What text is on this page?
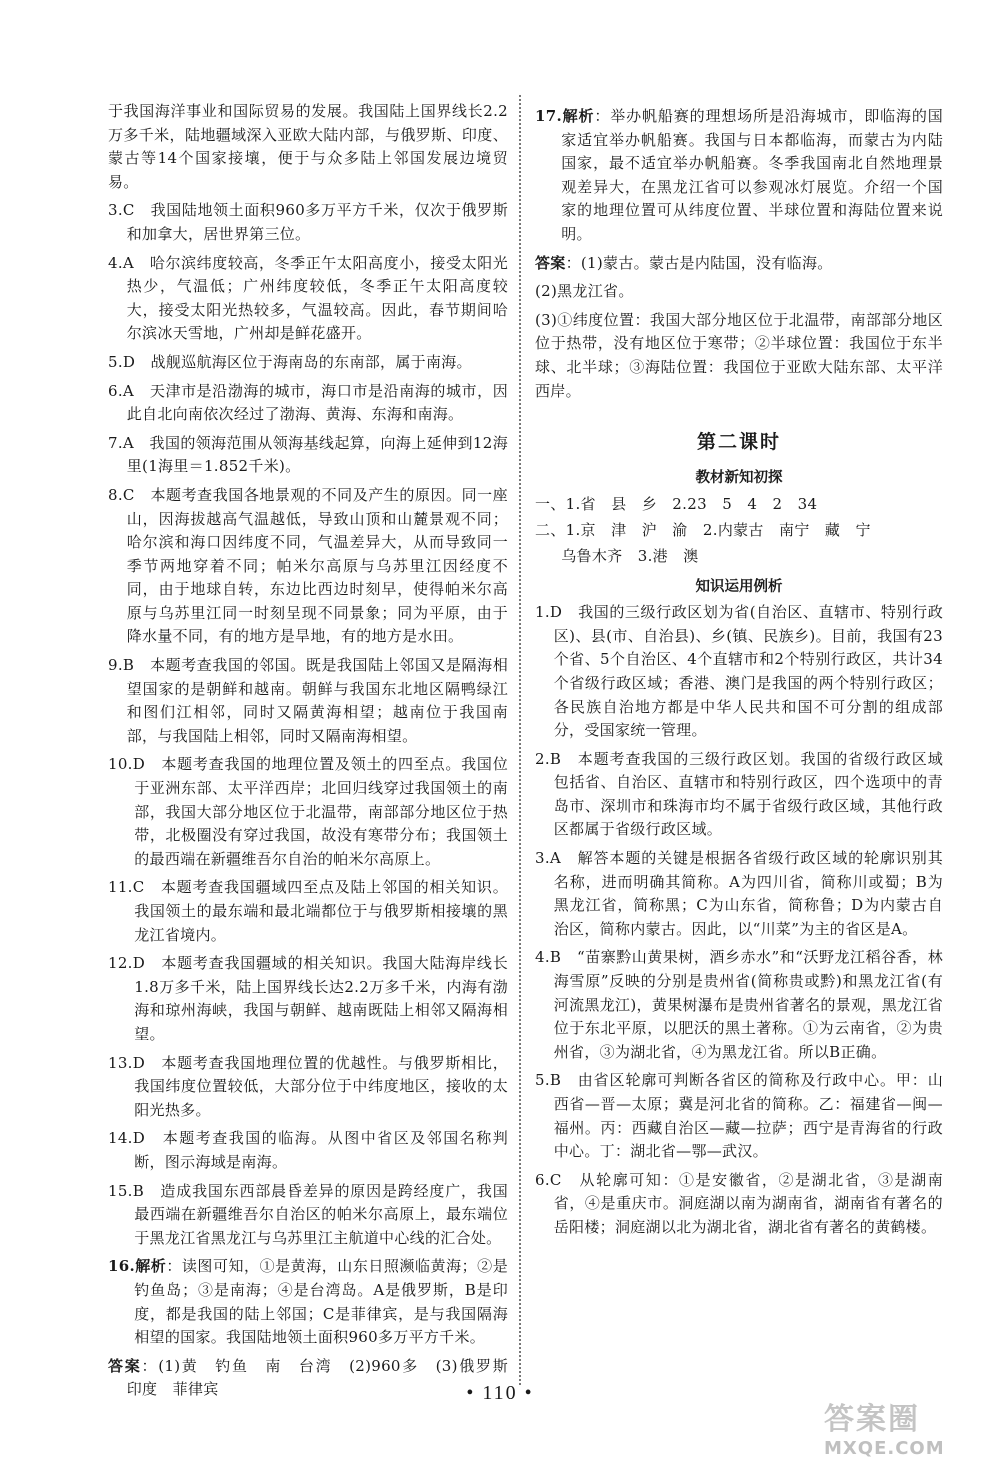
于我国海洋事业和国际贸易的发展。我国陆上国界线长2.2万多千米，陆地疆域深入亚欧大陆内部，与俄罗斯、印度、蒙古等14个国家接壤，便于与众多陆上邻国发展边境贸易。

3.C　我国陆地领土面积960多万平方千米，仅次于俄罗斯和加拿大，居世界第三位。

4.A　哈尔滨纬度较高，冬季正午太阳高度小，接受太阳光热少，气温低；广州纬度较低，冬季正午太阳高度较大，接受太阳光热较多，气温较高。因此，春节期间哈尔滨冰天雪地，广州却是鲜花盛开。

5.D　战舰巡航海区位于海南岛的东南部，属于南海。

6.A　天津市是沿渤海的城市，海口市是沿南海的城市，因此自北向南依次经过了渤海、黄海、东海和南海。

7.A　我国的领海范围从领海基线起算，向海上延伸到12海里(1海里＝1.852千米)。

8.C　本题考查我国各地景观的不同及产生的原因。同一座山，因海拔越高气温越低，导致山顶和山麓景观不同；哈尔滨和海口因纬度不同，气温差异大，从而导致同一季节两地穿着不同；帕米尔高原与乌苏里江因经度不同，由于地球自转，东边比西边时刻早，使得帕米尔高原与乌苏里江同一时刻呈现不同景象；同为平原，由于降水量不同，有的地方是旱地，有的地方是水田。

9.B　本题考查我国的邻国。既是我国陆上邻国又是隔海相望国家的是朝鲜和越南。朝鲜与我国东北地区隔鸭绿江和图们江相邻，同时又隔黄海相望；越南位于我国南部，与我国陆上相邻，同时又隔南海相望。

10.D　本题考查我国的地理位置及领土的四至点。我国位于亚洲东部、太平洋西岸；北回归线穿过我国领土的南部，我国大部分地区位于北温带，南部部分地区位于热带，北极圈没有穿过我国，故没有寒带分布；我国领土的最西端在新疆维吾尔自治的帕米尔高原上。

11.C　本题考查我国疆域四至点及陆上邻国的相关知识。我国领土的最东端和最北端都位于与俄罗斯相接壤的黑龙江省境内。

12.D　本题考查我国疆域的相关知识。我国大陆海岸线长1.8万多千米，陆上国界线长达2.2万多千米，内海有渤海和琼州海峡，我国与朝鲜、越南既陆上相邻又隔海相望。

13.D　本题考查我国地理位置的优越性。与俄罗斯相比，我国纬度位置较低，大部分位于中纬度地区，接收的太阳光热多。

14.D　本题考查我国的临海。从图中省区及邻国名称判断，图示海域是南海。

15.B　造成我国东西部晨昏差异的原因是跨经度广，我国最西端在新疆维吾尔自治区的帕米尔高原上，最东端位于黑龙江省黑龙江与乌苏里江主航道中心线的汇合处。

16.解析：读图可知，①是黄海，山东日照濒临黄海；②是钓鱼岛；③是南海；④是台湾岛。A是俄罗斯，B是印度，都是我国的陆上邻国；C是菲律宾，是与我国隔海相望的国家。我国陆地领土面积960多万平方千米。

答案：(1)黄　钓鱼　南　台湾　(2)960多　(3)俄罗斯　印度　菲律宾

17.解析：举办帆船赛的理想场所是沿海城市，即临海的国家适宜举办帆船赛。我国与日本都临海，而蒙古为内陆国家，最不适宜举办帆船赛。冬季我国南北自然地理景观差异大，在黑龙江省可以参观冰灯展览。介绍一个国家的地理位置可从纬度位置、半球位置和海陆位置来说明。

答案：(1)蒙古。蒙古是内陆国，没有临海。

(2)黑龙江省。

(3)①纬度位置：我国大部分地区位于北温带，南部部分地区位于热带，没有地区位于寒带；②半球位置：我国位于东半球、北半球；③海陆位置：我国位于亚欧大陆东部、太平洋西岸。

第二课时
教材新知初探

一、1.省　县　乡　2.23　5　4　2　34

二、1.京　津　沪　渝　2.内蒙古　南宁　藏　宁

乌鲁木齐　3.港　澳

知识运用例析

1.D　我国的三级行政区划为省(自治区、直辖市、特别行政区)、县(市、自治县)、乡(镇、民族乡)。目前，我国有23个省、5个自治区、4个直辖市和2个特别行政区，共计34个省级行政区域；香港、澳门是我国的两个特别行政区；各民族自治地方都是中华人民共和国不可分割的组成部分，受国家统一管理。

2.B　本题考查我国的三级行政区划。我国的省级行政区域包括省、自治区、直辖市和特别行政区，四个选项中的青岛市、深圳市和珠海市均不属于省级行政区域，其他行政区都属于省级行政区域。

3.A　解答本题的关键是根据各省级行政区域的轮廓识别其名称，进而明确其简称。A为四川省，简称川或蜀；B为黑龙江省，简称黑；C为山东省，简称鲁；D为内蒙古自治区，简称内蒙古。因此，以“川菜”为主的省区是A。

4.B　“苗寨黔山黄果树，酒乡赤水”和“沃野龙江稻谷香，林海雪原”反映的分别是贵州省(简称贵或黔)和黑龙江省(有河流黑龙江)，黄果树瀑布是贵州省著名的景观，黑龙江省位于东北平原，以肥沃的黑土著称。①为云南省，②为贵州省，③为湖北省，④为黑龙江省。所以B正确。

5.B　由省区轮廓可判断各省区的简称及行政中心。甲：山西省—晋—太原；冀是河北省的简称。乙：福建省—闽—福州。丙：西藏自治区—藏—拉萨；西宁是青海省的行政中心。丁：湖北省—鄂—武汉。

6.C　从轮廓可知：①是安徽省，②是湖北省，③是湖南省，④是重庆市。洞庭湖以南为湖南省，湖南省有著名的岳阳楼；洞庭湖以北为湖北省，湖北省有著名的黄鹤楼。

• 110 •
答案圈
MXQE.COM
